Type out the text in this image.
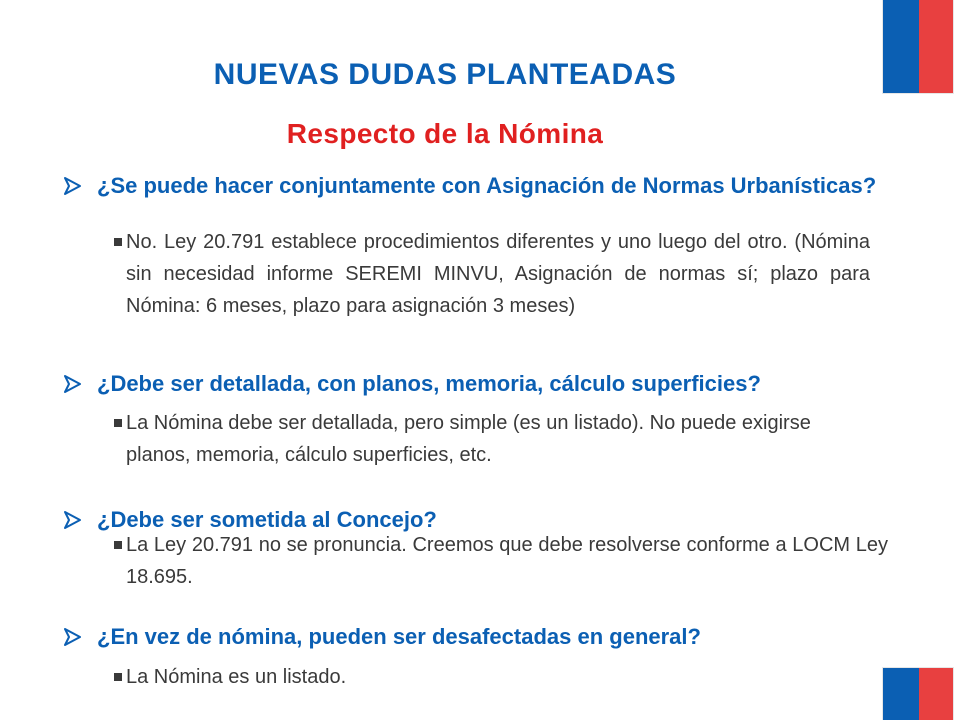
NUEVAS DUDAS PLANTEADAS
Respecto de la Nómina
¿Se puede hacer conjuntamente con Asignación de Normas Urbanísticas?
No. Ley 20.791 establece procedimientos diferentes y uno luego del otro. (Nómina sin necesidad informe SEREMI MINVU, Asignación de normas sí; plazo para Nómina: 6 meses, plazo para asignación 3 meses)
¿Debe ser detallada, con planos, memoria, cálculo superficies?
La Nómina debe ser detallada, pero simple (es un listado). No puede exigirse planos, memoria, cálculo superficies, etc.
¿Debe ser sometida al Concejo?
La Ley 20.791 no se pronuncia. Creemos que debe resolverse conforme a LOCM Ley 18.695.
¿En vez de nómina, pueden ser desafectadas en general?
La Nómina es un listado.
